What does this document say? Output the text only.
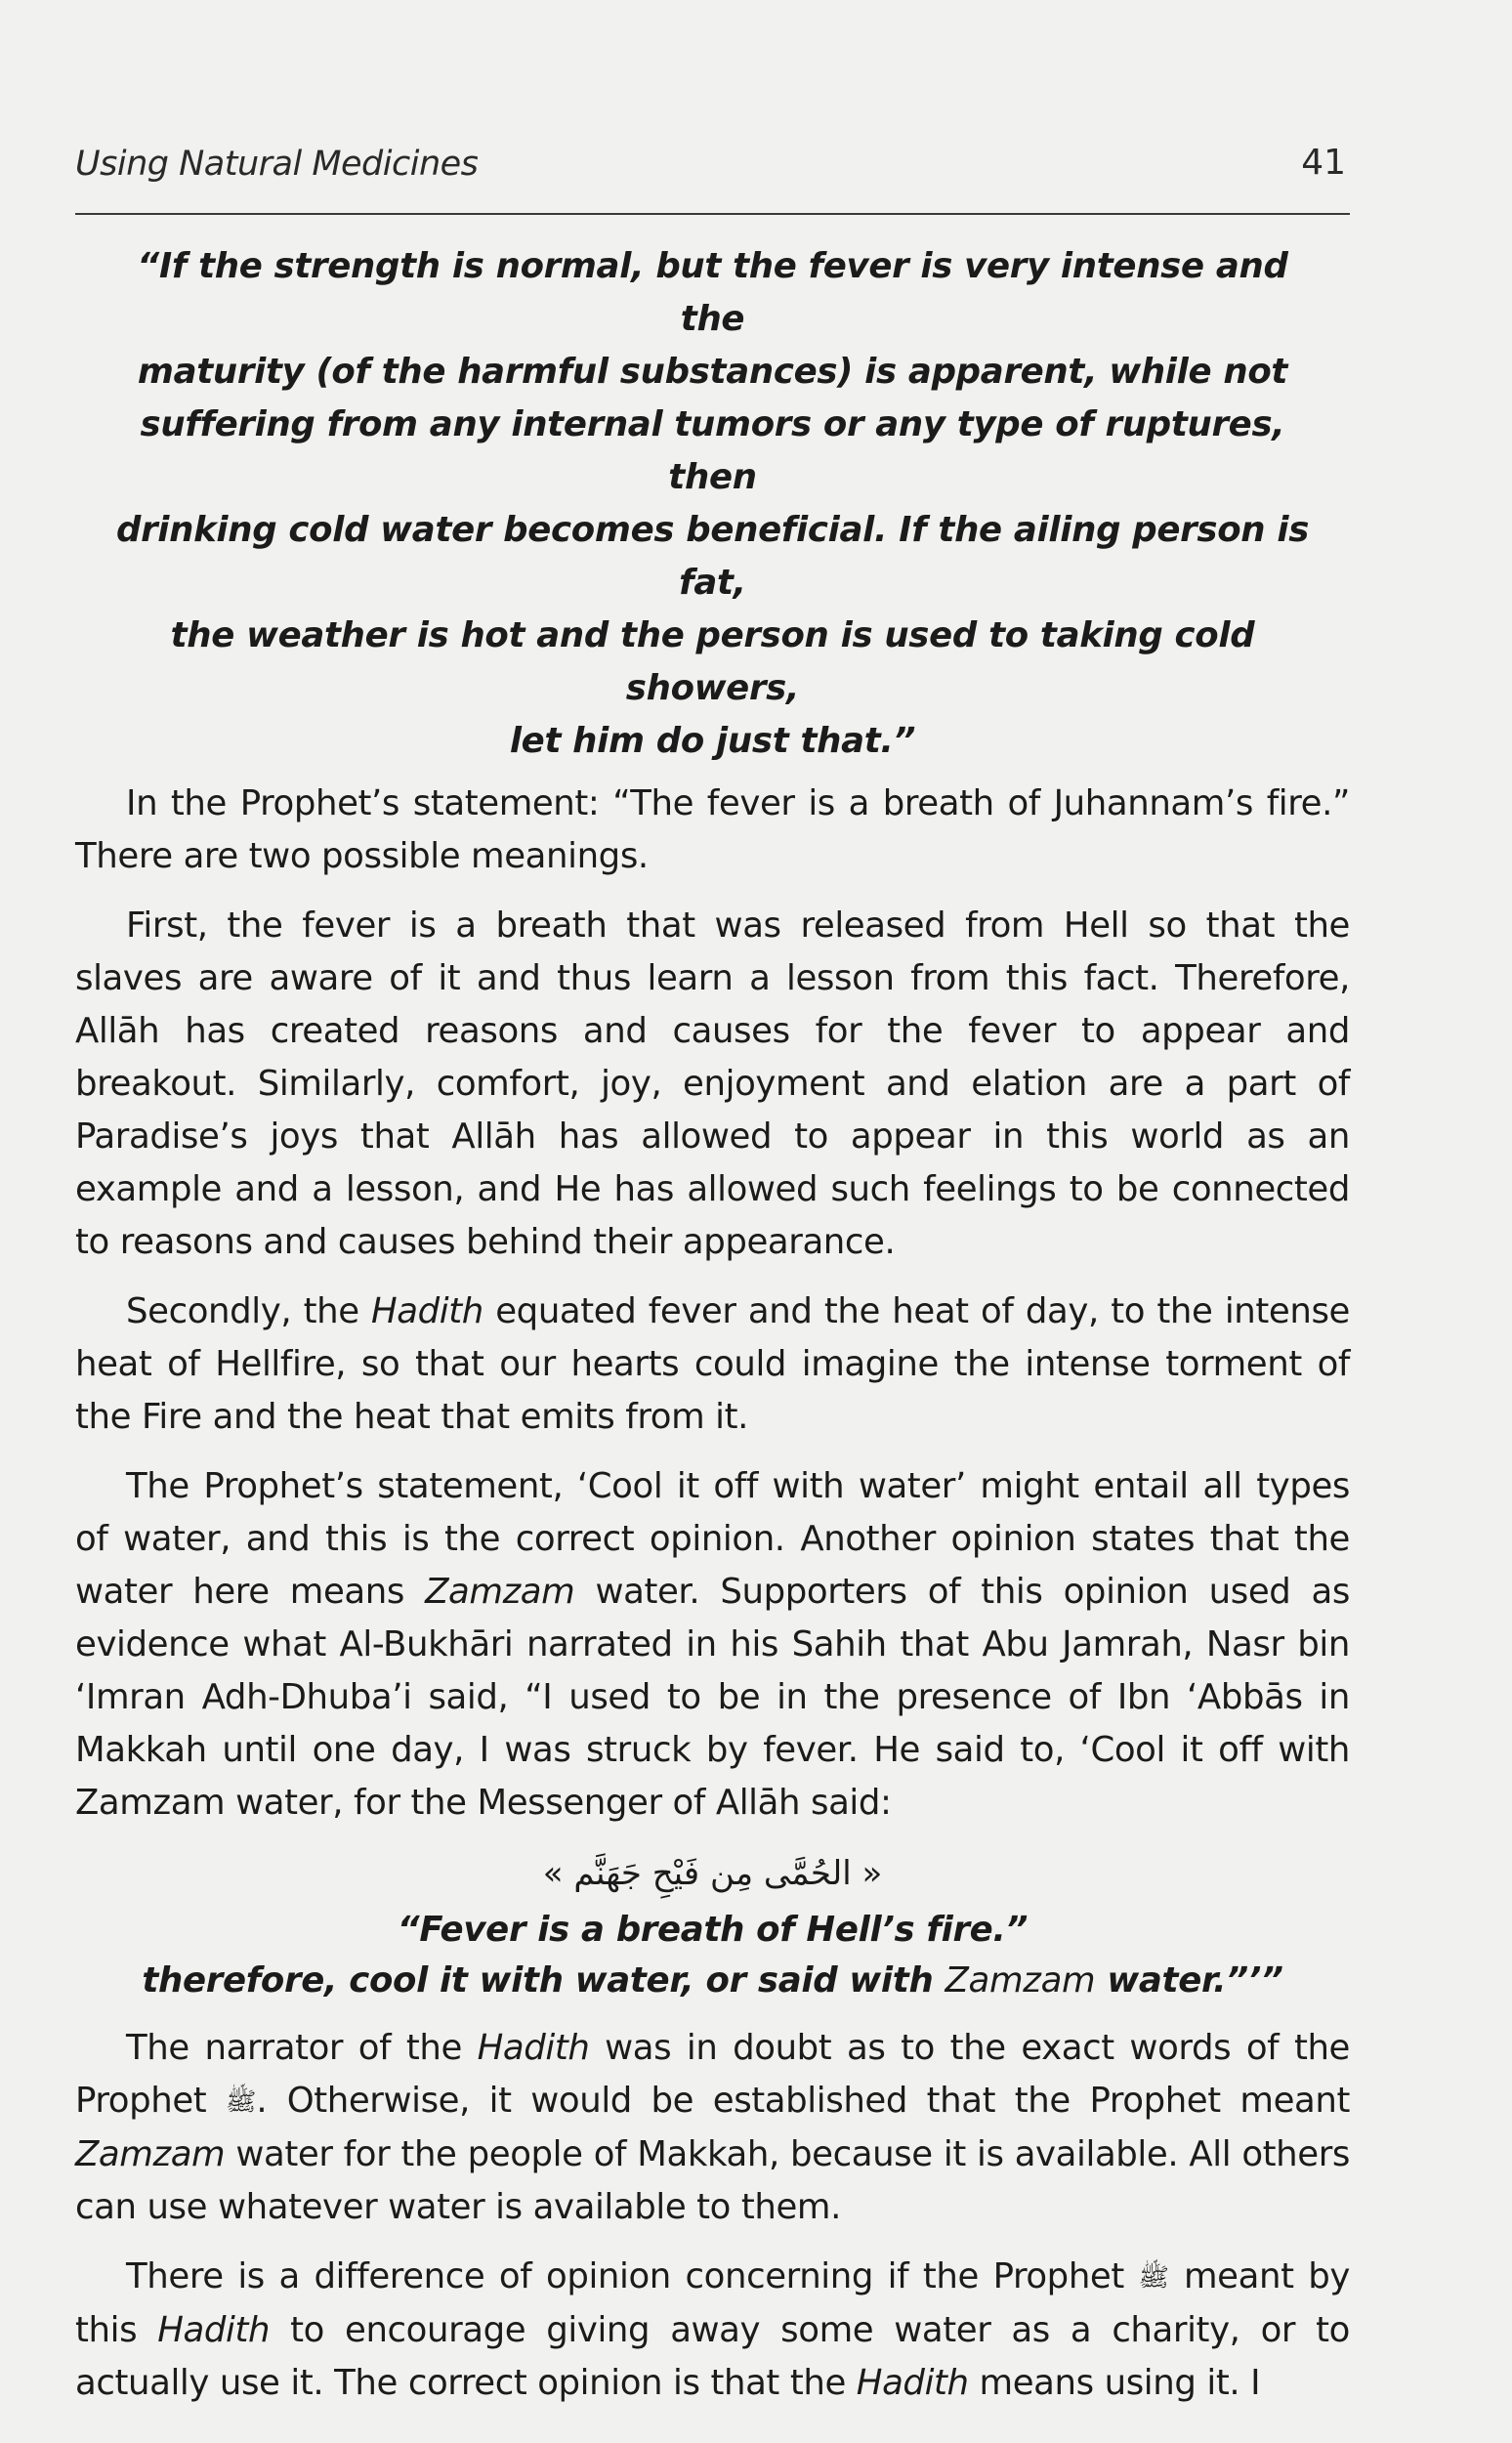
Using Natural Medicines	41
“If the strength is normal, but the fever is very intense and the
maturity (of the harmful substances) is apparent, while not
suffering from any internal tumors or any type of ruptures, then
drinking cold water becomes beneficial. If the ailing person is fat,
the weather is hot and the person is used to taking cold showers,
let him do just that.”

In the Prophet’s statement: “The fever is a breath of Juhannam’s fire.” There are two possible meanings.

First, the fever is a breath that was released from Hell so that the slaves are aware of it and thus learn a lesson from this fact. Therefore, Allāh has created reasons and causes for the fever to appear and breakout. Similarly, comfort, joy, enjoyment and elation are a part of Paradise’s joys that Allāh has allowed to appear in this world as an example and a lesson, and He has allowed such feelings to be connected to reasons and causes behind their appearance.

Secondly, the Hadith equated fever and the heat of day, to the intense heat of Hellfire, so that our hearts could imagine the intense torment of the Fire and the heat that emits from it.

The Prophet’s statement, ‘Cool it off with water’ might entail all types of water, and this is the correct opinion. Another opinion states that the water here means Zamzam water. Supporters of this opinion used as evidence what Al-Bukhāri narrated in his Sahih that Abu Jamrah, Nasr bin ‘Imran Adh-Dhuba’i said, “I used to be in the presence of Ibn ‘Abbās in Makkah until one day, I was struck by fever. He said to, ‘Cool it off with Zamzam water, for the Messenger of Allāh said:

« الحُمَّى مِن فَيْحِ جَهَنَّم »

“Fever is a breath of Hell’s fire.”

therefore, cool it with water, or said with Zamzam water.”’”

The narrator of the Hadith was in doubt as to the exact words of the Prophet ﷺ. Otherwise, it would be established that the Prophet meant Zamzam water for the people of Makkah, because it is available. All others can use whatever water is available to them.

There is a difference of opinion concerning if the Prophet ﷺ meant by this Hadith to encourage giving away some water as a charity, or to actually use it. The correct opinion is that the Hadith means using it. I
